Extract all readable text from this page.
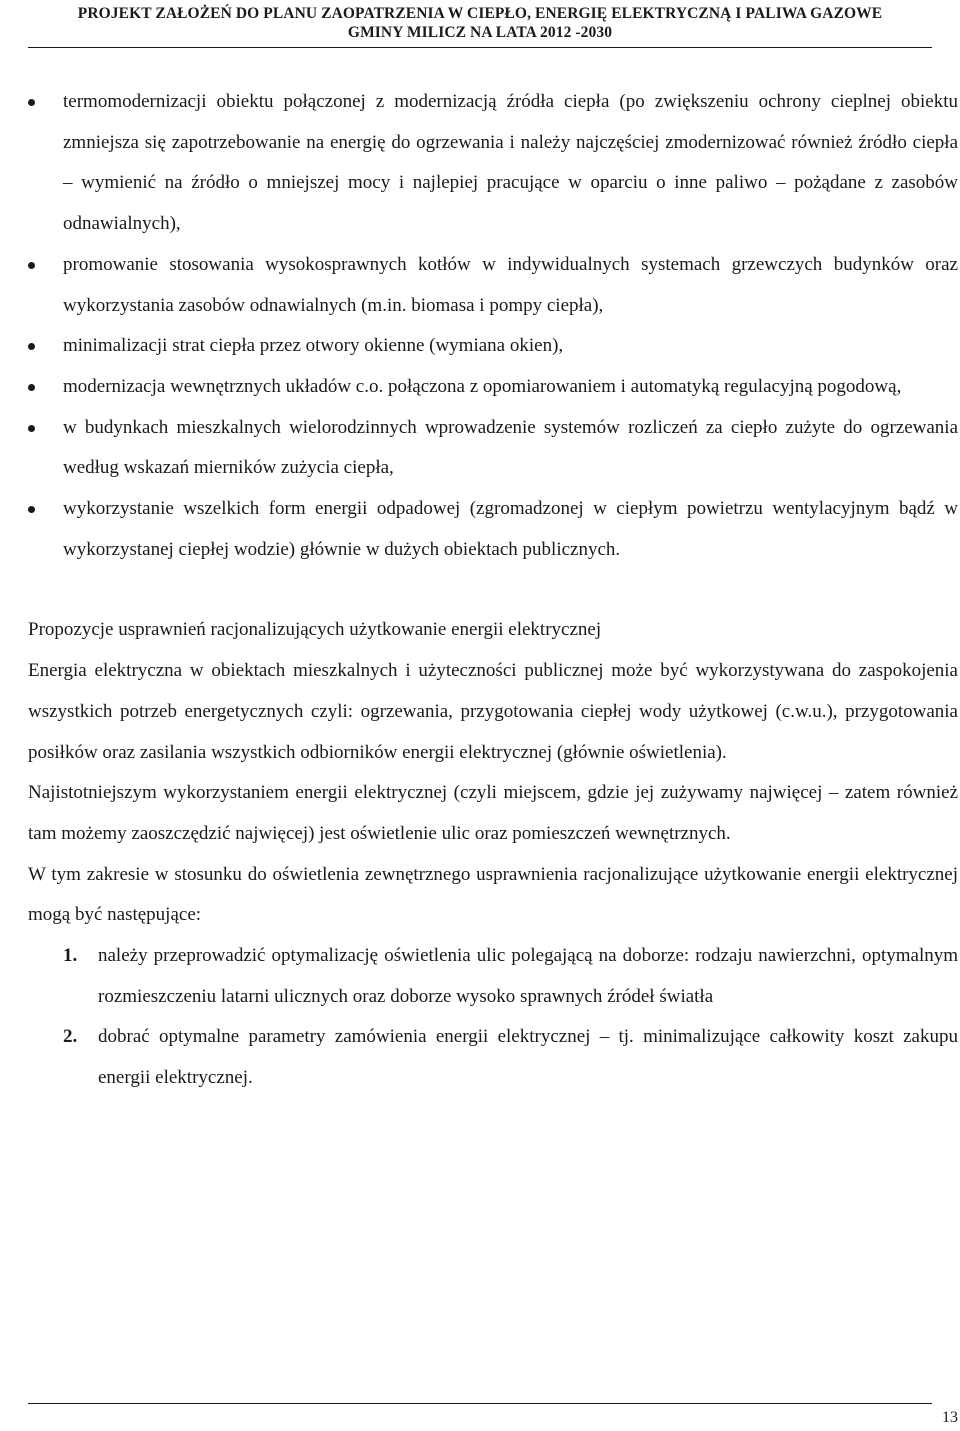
PROJEKT ZAŁOŻEŃ DO PLANU ZAOPATRZENIA W CIEPŁO, ENERGIĘ ELEKTRYCZNĄ I PALIWA GAZOWE
GMINY MILICZ NA LATA 2012 -2030
termomodernizacji obiektu połączonej z modernizacją źródła ciepła (po zwiększeniu ochrony cieplnej obiektu zmniejsza się zapotrzebowanie na energię do ogrzewania i należy najczęściej zmodernizować również źródło ciepła – wymienić na źródło o mniejszej mocy i najlepiej pracujące w oparciu o inne paliwo – pożądane z zasobów odnawialnych),
promowanie stosowania wysokosprawnych kotłów w indywidualnych systemach grzewczych budynków oraz wykorzystania zasobów odnawialnych (m.in. biomasa i pompy ciepła),
minimalizacji strat ciepła przez otwory okienne (wymiana okien),
modernizacja wewnętrznych układów c.o. połączona z opomiarowaniem i automatyką regulacyjną pogodową,
w budynkach mieszkalnych wielorodzinnych wprowadzenie systemów rozliczeń za ciepło zużyte do ogrzewania według wskazań mierników zużycia ciepła,
wykorzystanie wszelkich form energii odpadowej (zgromadzonej w ciepłym powietrzu wentylacyjnym bądź w wykorzystanej ciepłej wodzie) głównie w dużych obiektach publicznych.

Propozycje usprawnień racjonalizujących użytkowanie energii elektrycznej

Energia elektryczna w obiektach mieszkalnych i użyteczności publicznej może być wykorzystywana do zaspokojenia wszystkich potrzeb energetycznych czyli: ogrzewania, przygotowania ciepłej wody użytkowej (c.w.u.), przygotowania posiłków oraz zasilania wszystkich odbiorników energii elektrycznej (głównie oświetlenia).

Najistotniejszym wykorzystaniem energii elektrycznej (czyli miejscem, gdzie jej zużywamy najwięcej – zatem również tam możemy zaoszczędzić najwięcej) jest oświetlenie ulic oraz pomieszczeń wewnętrznych.

W tym zakresie w stosunku do oświetlenia zewnętrznego usprawnienia racjonalizujące użytkowanie energii elektrycznej mogą być następujące:

1. należy przeprowadzić optymalizację oświetlenia ulic polegającą na doborze: rodzaju nawierzchni, optymalnym rozmieszczeniu latarni ulicznych oraz doborze wysoko sprawnych źródeł światła
2. dobrać optymalne parametry zamówienia energii elektrycznej – tj. minimalizujące całkowity koszt zakupu energii elektrycznej.
13
